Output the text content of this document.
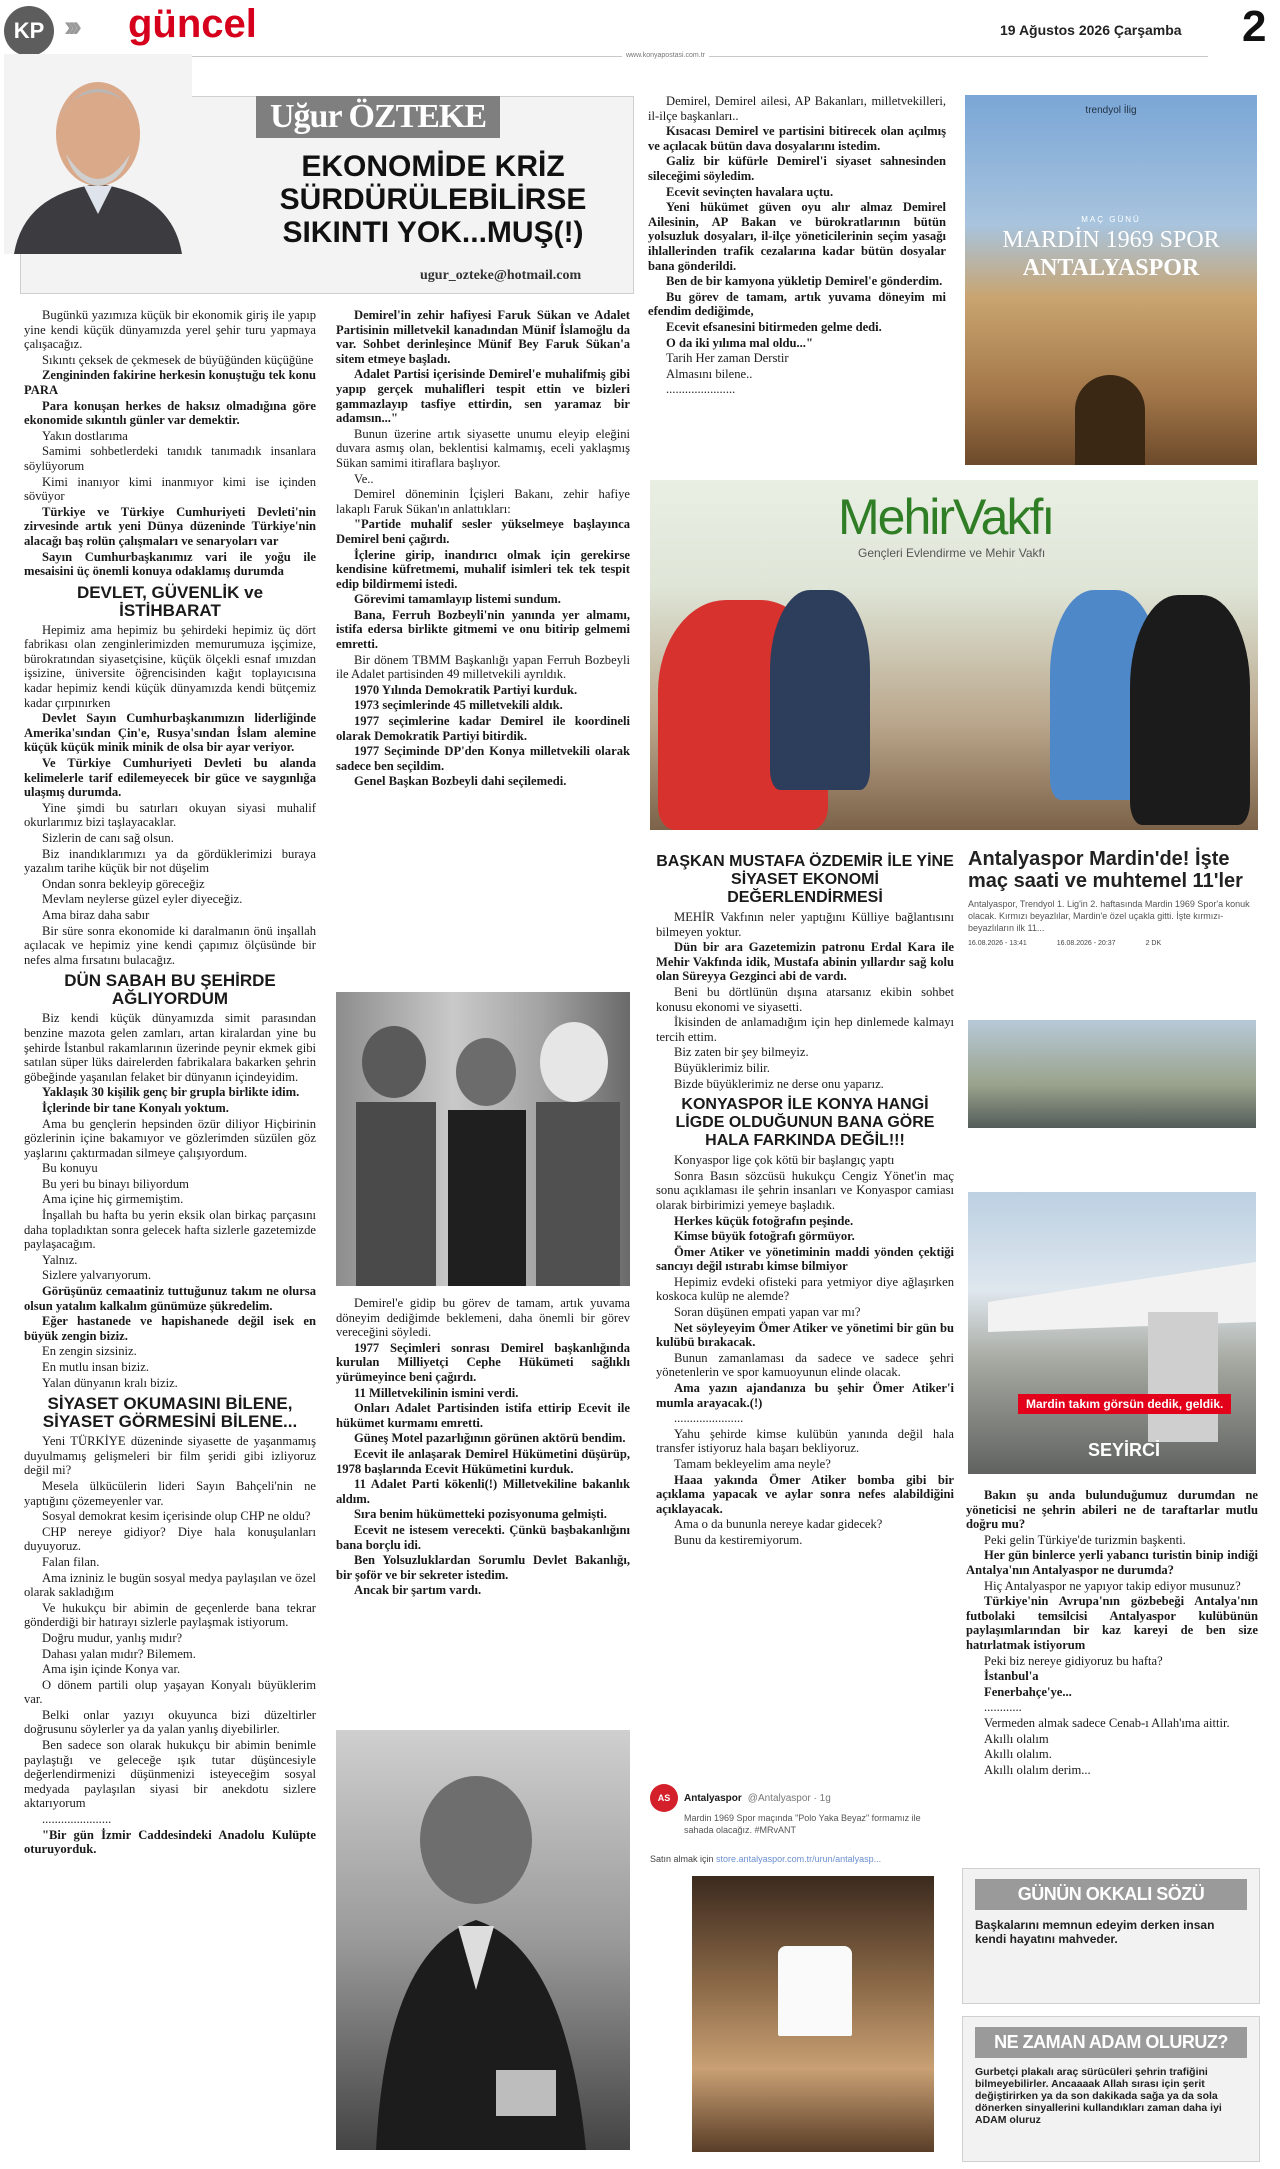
KP ››› güncel
www.konyapostasi.com.tr
19 Ağustos 2026 Çarşamba 2
Uğur ÖZTEKE
EKONOMİDE KRİZ SÜRDÜRÜLEBİLİRSE SIKINTI YOK...MUŞ(!)
ugur_ozteke@hotmail.com

Bugünkü yazımıza küçük bir ekonomik giriş ile yapıp yine kendi küçük dünyamızda yerel şehir turu yapmaya çalışacağız.

Sıkıntı çeksek de çekmesek de büyüğünden küçüğüne

Zengininden fakirine herkesin konuştuğu tek konu PARA

Para konuşan herkes de haksız olmadığına göre ekonomide sıkıntılı günler var demektir.

Yakın dostlarıma

Samimi sohbetlerdeki tanıdık tanımadık insanlara söylüyorum

Kimi inanıyor kimi inanmıyor kimi ise içinden sövüyor

Türkiye ve Türkiye Cumhuriyeti Devleti'nin zirvesinde artık yeni Dünya düzeninde Türkiye'nin alacağı baş rolün çalışmaları ve senaryoları var

Sayın Cumhurbaşkanımız vari ile yoğu ile mesaisini üç önemli konuya odaklamış durumda

DEVLET, GÜVENLİK ve İSTİHBARAT

Hepimiz ama hepimiz bu şehirdeki hepimiz üç dört fabrikası olan zenginlerimizden memurumuza işçimize, bürokratından siyasetçisine, küçük ölçekli esnaf ımızdan işsizine, üniversite öğrencisinden kağıt toplayıcısına kadar hepimiz kendi küçük dünyamızda kendi bütçemiz kadar çırpınırken

Devlet Sayın Cumhurbaşkanımızın liderliğinde Amerika'sından Çin'e, Rusya'sından İslam alemine küçük küçük minik minik de olsa bir ayar veriyor.

Ve Türkiye Cumhuriyeti Devleti bu alanda kelimelerle tarif edilemeyecek bir güce ve saygınlığa ulaşmış durumda.

Yine şimdi bu satırları okuyan siyasi muhalif okurlarımız bizi taşlayacaklar.

Sizlerin de canı sağ olsun.

Biz inandıklarımızı ya da gördüklerimizi buraya yazalım tarihe küçük bir not düşelim

Ondan sonra bekleyip göreceğiz

Mevlam neylerse güzel eyler diyeceğiz.

Ama biraz daha sabır

Bir süre sonra ekonomide ki daralmanın önü inşallah açılacak ve hepimiz yine kendi çapımız ölçüsünde bir nefes alma fırsatını bulacağız.

DÜN SABAH BU ŞEHİRDE AĞLIYORDUM

Biz kendi küçük dünyamızda simit parasından benzine mazota gelen zamları, artan kiralardan yine bu şehirde İstanbul rakamlarının üzerinde peynir ekmek gibi satılan süper lüks dairelerden fabrikalara bakarken şehrin göbeğinde yaşanılan felaket bir dünyanın içindeyidim.

Yaklaşık 30 kişilik genç bir grupla birlikte idim.

İçlerinde bir tane Konyalı yoktum.

Ama bu gençlerin hepsinden özür diliyor Hiçbirinin gözlerinin içine bakamıyor ve gözlerimden süzülen göz yaşlarını çaktırmadan silmeye çalışıyordum.

Bu konuyu

Bu yeri bu binayı biliyordum

Ama içine hiç girmemiştim.

İnşallah bu hafta bu yerin eksik olan birkaç parçasını daha topladıktan sonra gelecek hafta sizlerle gazetemizde paylaşacağım.

Yalnız.

Sizlere yalvarıyorum.

Görüşünüz cemaatiniz tuttuğunuz takım ne olursa olsun yatalım kalkalım günümüze şükredelim.

Eğer hastanede ve hapishanede değil isek en büyük zengin biziz.

En zengin sizsiniz.

En mutlu insan biziz.

Yalan dünyanın kralı biziz.

SİYASET OKUMASINI BİLENE, SİYASET GÖRMESİNİ BİLENE...

Yeni TÜRKİYE düzeninde siyasette de yaşanmamış duyulmamış gelişmeleri bir film şeridi gibi izliyoruz değil mi?

Mesela ülkücülerin lideri Sayın Bahçeli'nin ne yaptığını çözemeyenler var.

Sosyal demokrat kesim içerisinde olup CHP ne oldu?

CHP nereye gidiyor? Diye hala konuşulanları duyuyoruz.

Falan filan.

Ama izniniz le bugün sosyal medya paylaşılan ve özel olarak sakladığım

Ve hukukçu bir abimin de geçenlerde bana tekrar gönderdiği bir hatırayı sizlerle paylaşmak istiyorum.

Doğru mudur, yanlış mıdır?

Dahası yalan mıdır? Bilemem.

Ama işin içinde Konya var.

O dönem partili olup yaşayan Konyalı büyüklerim var.

Belki onlar yazıyı okuyunca bizi düzeltirler doğrusunu söylerler ya da yalan yanlış diyebilirler.

Ben sadece son olarak hukukçu bir abimin benimle paylaştığı ve geleceğe ışık tutar düşüncesiyle değerlendirmenizi düşünmenizi isteyeceğim sosyal medyada paylaşılan siyasi bir anekdotu sizlere aktarıyorum

......................

"Bir gün İzmir Caddesindeki Anadolu Kulüpte oturuyorduk.

Demirel'in zehir hafiyesi Faruk Sükan ve Adalet Partisinin milletvekil kanadından Münif İslamoğlu da var. Sohbet derinleşince Münif Bey Faruk Sükan'a sitem etmeye başladı.

Adalet Partisi içerisinde Demirel'e muhalifmiş gibi yapıp gerçek muhalifleri tespit ettin ve bizleri gammazlayıp tasfiye ettirdin, sen yaramaz bir adamsın..."

Bunun üzerine artık siyasette unumu eleyip eleğini duvara asmış olan, beklentisi kalmamış, eceli yaklaşmış Sükan samimi itiraflara başlıyor.

Ve..

Demirel döneminin İçişleri Bakanı, zehir hafiye lakaplı Faruk Sükan'ın anlattıkları:

"Partide muhalif sesler yükselmeye başlayınca Demirel beni çağırdı.

İçlerine girip, inandırıcı olmak için gerekirse kendisine küfretmemi, muhalif isimleri tek tek tespit edip bildirmemi istedi.

Görevimi tamamlayıp listemi sundum.

Bana, Ferruh Bozbeyli'nin yanında yer almamı, istifa edersa birlikte gitmemi ve onu bitirip gelmemi emretti.

Bir dönem TBMM Başkanlığı yapan Ferruh Bozbeyli ile Adalet partisinden 49 milletvekili ayrıldık.

1970 Yılında Demokratik Partiyi kurduk.

1973 seçimlerinde 45 milletvekili aldık.

1977 seçimlerine kadar Demirel ile koordineli olarak Demokratik Partiyi bitirdik.

1977 Seçiminde DP'den Konya milletvekili olarak sadece ben seçildim.

Genel Başkan Bozbeyli dahi seçilemedi.

Demirel'e gidip bu görev de tamam, artık yuvama döneyim dediğimde beklemeni, daha önemli bir görev vereceğini söyledi.

1977 Seçimleri sonrası Demirel başkanlığında kurulan Milliyetçi Cephe Hükümeti sağlıklı yürümeyince beni çağırdı.

11 Milletvekilinin ismini verdi.

Onları Adalet Partisinden istifa ettirip Ecevit ile hükümet kurmamı emretti.

Güneş Motel pazarlığının görünen aktörü bendim.

Ecevit ile anlaşarak Demirel Hükümetini düşürüp, 1978 başlarında Ecevit Hükümetini kurduk.

11 Adalet Parti kökenli(!) Milletvekiline bakanlık aldım.

Sıra benim hükümetteki pozisyonuma gelmişti.

Ecevit ne istesem verecekti. Çünkü başbakanlığını bana borçlu idi.

Ben Yolsuzluklardan Sorumlu Devlet Bakanlığı, bir şoför ve bir sekreter istedim.

Ancak bir şartım vardı.

Demirel, Demirel ailesi, AP Bakanları, milletvekilleri, il-ilçe başkanları..

Kısacası Demirel ve partisini bitirecek olan açılmış ve açılacak bütün dava dosyalarını istedim.

Galiz bir küfürle Demirel'i siyaset sahnesinden sileceğimi söyledim.

Ecevit sevinçten havalara uçtu.

Yeni hükümet güven oyu alır almaz Demirel Ailesinin, AP Bakan ve bürokratlarının bütün yolsuzluk dosyaları, il-ilçe yöneticilerinin seçim yasağı ihlallerinden trafik cezalarına kadar bütün dosyalar bana gönderildi.

Ben de bir kamyona yükletip Demirel'e gönderdim.

Bu görev de tamam, artık yuvama döneyim mi efendim dediğimde,

Ecevit efsanesini bitirmeden gelme dedi.

O da iki yılıma mal oldu..."

Tarih Her zaman Derstir

Almasını bilene..

......................

trendyol İlig
MAÇ GÜNÜ
MARDİN 1969 SPOR
ANTALYASPOR
MehirVakfı
Gençleri Evlendirme ve Mehir Vakfı
BAŞKAN MUSTAFA ÖZDEMİR İLE YİNE SİYASET EKONOMİ DEĞERLENDİRMESİ

MEHİR Vakfının neler yaptığını Külliye bağlantısını bilmeyen yoktur.

Dün bir ara Gazetemizin patronu Erdal Kara ile Mehir Vakfında idik, Mustafa abinin yıllardır sağ kolu olan Süreyya Gezginci abi de vardı.

Beni bu dörtlünün dışına atarsanız ekibin sohbet konusu ekonomi ve siyasetti.

İkisinden de anlamadığım için hep dinlemede kalmayı tercih ettim.

Biz zaten bir şey bilmeyiz.

Büyüklerimiz bilir.

Bizde büyüklerimiz ne derse onu yaparız.

KONYASPOR İLE KONYA HANGİ LİGDE OLDUĞUNUN BANA GÖRE HALA FARKINDA DEĞİL!!!

Konyaspor lige çok kötü bir başlangıç yaptı

Sonra Basın sözcüsü hukukçu Cengiz Yönet'in maç sonu açıklaması ile şehrin insanları ve Konyaspor camiası olarak birbirimizi yemeye başladık.

Herkes küçük fotoğrafın peşinde.

Kimse büyük fotoğrafı görmüyor.

Ömer Atiker ve yönetiminin maddi yönden çektiği sancıyı değil ıstırabı kimse bilmiyor

Hepimiz evdeki ofisteki para yetmiyor diye ağlaşırken koskoca kulüp ne alemde?

Soran düşünen empati yapan var mı?

Net söyleyeyim Ömer Atiker ve yönetimi bir gün bu kulübü bırakacak.

Bunun zamanlaması da sadece ve sadece şehri yönetenlerin ve spor kamuoyunun elinde olacak.

Ama yazın ajandanıza bu şehir Ömer Atiker'i mumla arayacak.(!)

......................

Yahu şehirde kimse kulübün yanında değil hala transfer istiyoruz hala başarı bekliyoruz.

Tamam bekleyelim ama neyle?

Haaa yakında Ömer Atiker bomba gibi bir açıklama yapacak ve aylar sonra nefes alabildiğini açıklayacak.

Ama o da bununla nereye kadar gidecek?

Bunu da kestiremiyorum.

Antalyaspor Mardin'de! İşte maç saati ve muhtemel 11'ler
Antalyaspor, Trendyol 1. Lig'in 2. haftasında Mardin 1969 Spor'a konuk olacak. Kırmızı beyazlılar, Mardin'e özel uçakla gitti. İşte kırmızı-beyazlıların ilk 11...
16.08.2026 - 13:41	16.08.2026 - 20:37	2 DK
Mardin takım görsün dedik, geldik.
SEYİRCİ

Bakın şu anda bulunduğumuz durumdan ne yöneticisi ne şehrin abileri ne de taraftarlar mutlu doğru mu?

Peki gelin Türkiye'de turizmin başkenti.

Her gün binlerce yerli yabancı turistin binip indiği Antalya'nın Antalyaspor ne durumda?

Hiç Antalyaspor ne yapıyor takip ediyor musunuz?

Türkiye'nin Avrupa'nın gözbebeği Antalya'nın futbolaki temsilcisi Antalyaspor kulübünün paylaşımlarından bir kaz kareyi de ben size hatırlatmak istiyorum

Peki biz nereye gidiyoruz bu hafta?

İstanbul'a

Fenerbahçe'ye...

............

Vermeden almak sadece Cenab-ı Allah'ıma aittir.

Akıllı olalım

Akıllı olalım.

Akıllı olalım derim...

AS	Antalyaspor @Antalyaspor · 1g
Mardin 1969 Spor maçında "Polo Yaka Beyaz" formamız ile sahada olacağız. #MRvANT
Satın almak için store.antalyaspor.com.tr/urun/antalyasp...
GÜNÜN OKKALI SÖZÜ
Başkalarını memnun edeyim derken insan kendi hayatını mahveder.
NE ZAMAN ADAM OLURUZ?
Gurbetçi plakalı araç sürücüleri şehrin trafiğini bilmeyebilirler. Ancaaaak Allah sırası için şerit değiştirirken ya da son dakikada sağa ya da sola dönerken sinyallerini kullandıkları zaman daha iyi ADAM oluruz
